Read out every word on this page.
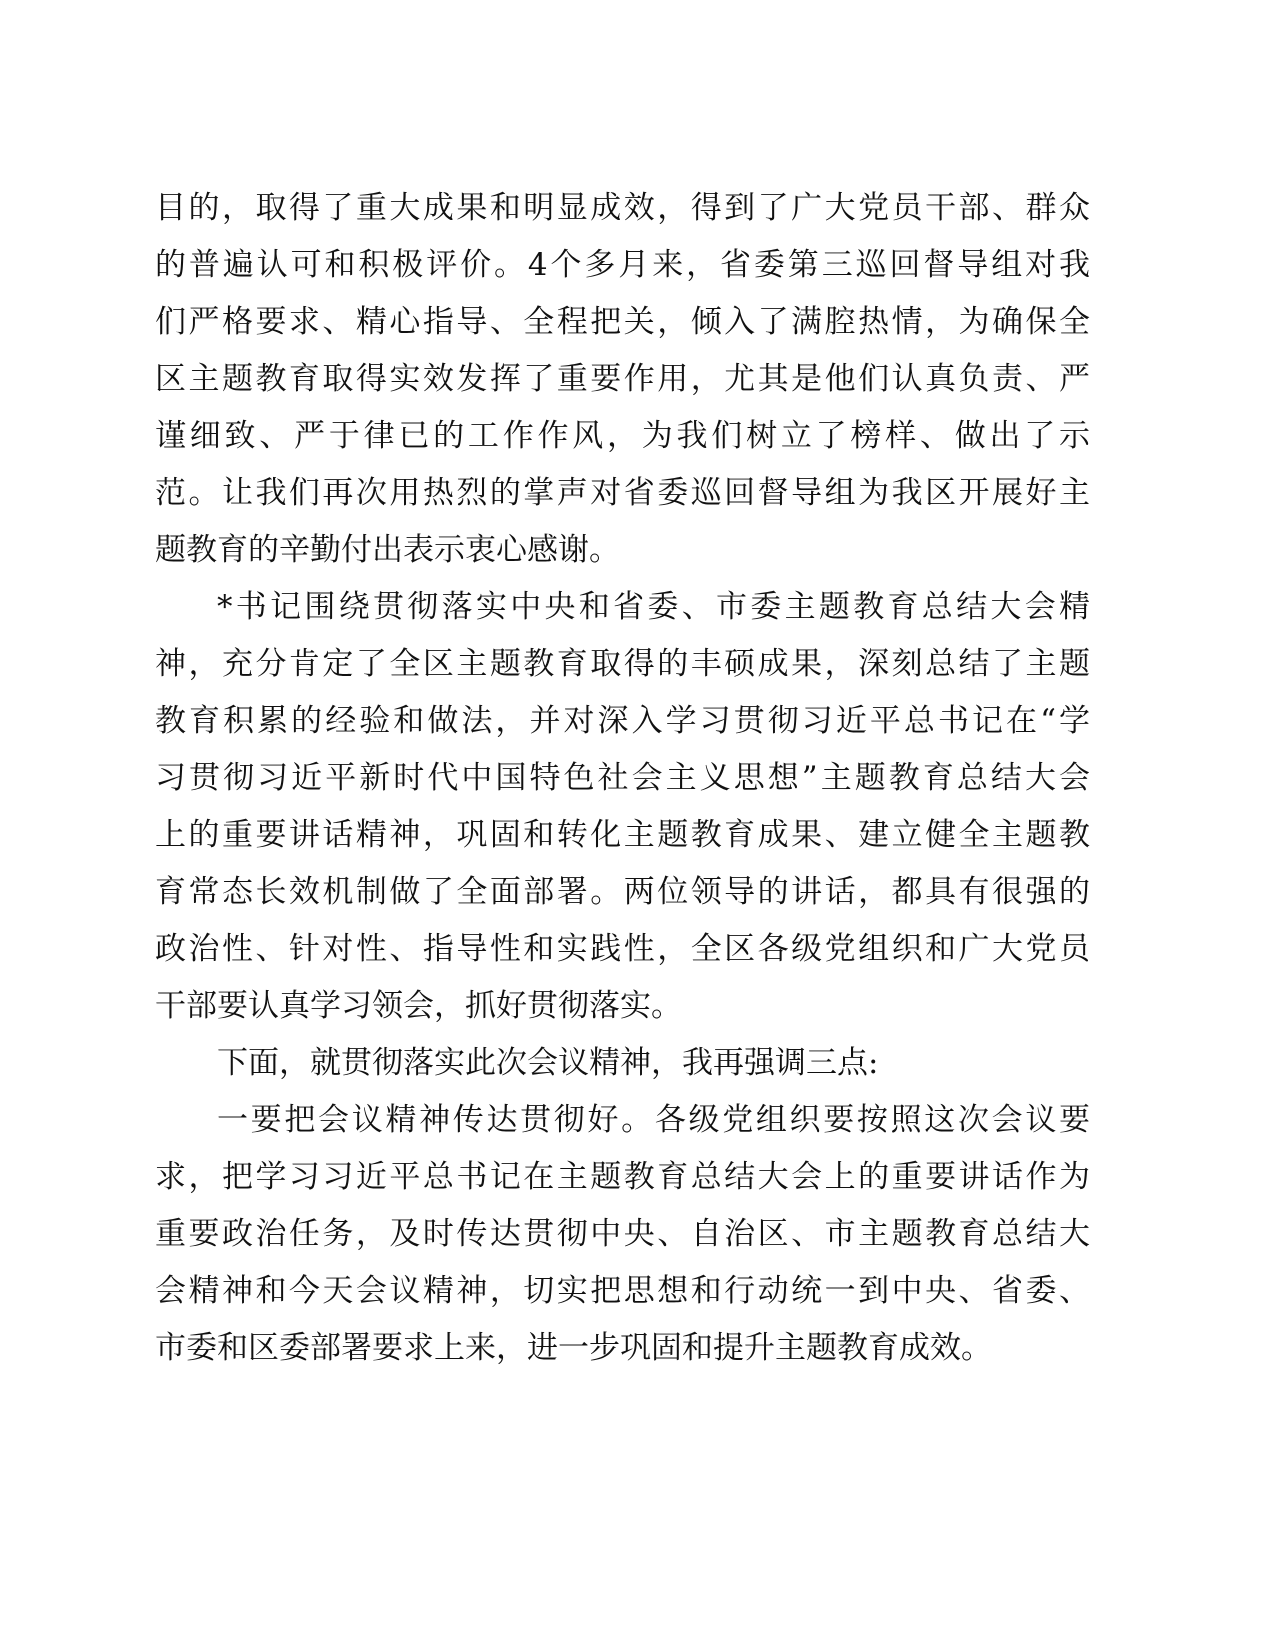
目的，取得了重大成果和明显成效，得到了广大党员干部、群众
的普遍认可和积极评价。4个多月来，省委第三巡回督导组对我
们严格要求、精心指导、全程把关，倾入了满腔热情，为确保全
区主题教育取得实效发挥了重要作用，尤其是他们认真负责、严
谨细致、严于律已的工作作风，为我们树立了榜样、做出了示
范。让我们再次用热烈的掌声对省委巡回督导组为我区开展好主
题教育的辛勤付出表示衷心感谢。
*书记围绕贯彻落实中央和省委、市委主题教育总结大会精
神，充分肯定了全区主题教育取得的丰硕成果，深刻总结了主题
教育积累的经验和做法，并对深入学习贯彻习近平总书记在“学
习贯彻习近平新时代中国特色社会主义思想”主题教育总结大会
上的重要讲话精神，巩固和转化主题教育成果、建立健全主题教
育常态长效机制做了全面部署。两位领导的讲话，都具有很强的
政治性、针对性、指导性和实践性，全区各级党组织和广大党员
干部要认真学习领会，抓好贯彻落实。
下面，就贯彻落实此次会议精神，我再强调三点:
一要把会议精神传达贯彻好。各级党组织要按照这次会议要
求，把学习习近平总书记在主题教育总结大会上的重要讲话作为
重要政治任务，及时传达贯彻中央、自治区、市主题教育总结大
会精神和今天会议精神，切实把思想和行动统一到中央、省委、
市委和区委部署要求上来，进一步巩固和提升主题教育成效。
